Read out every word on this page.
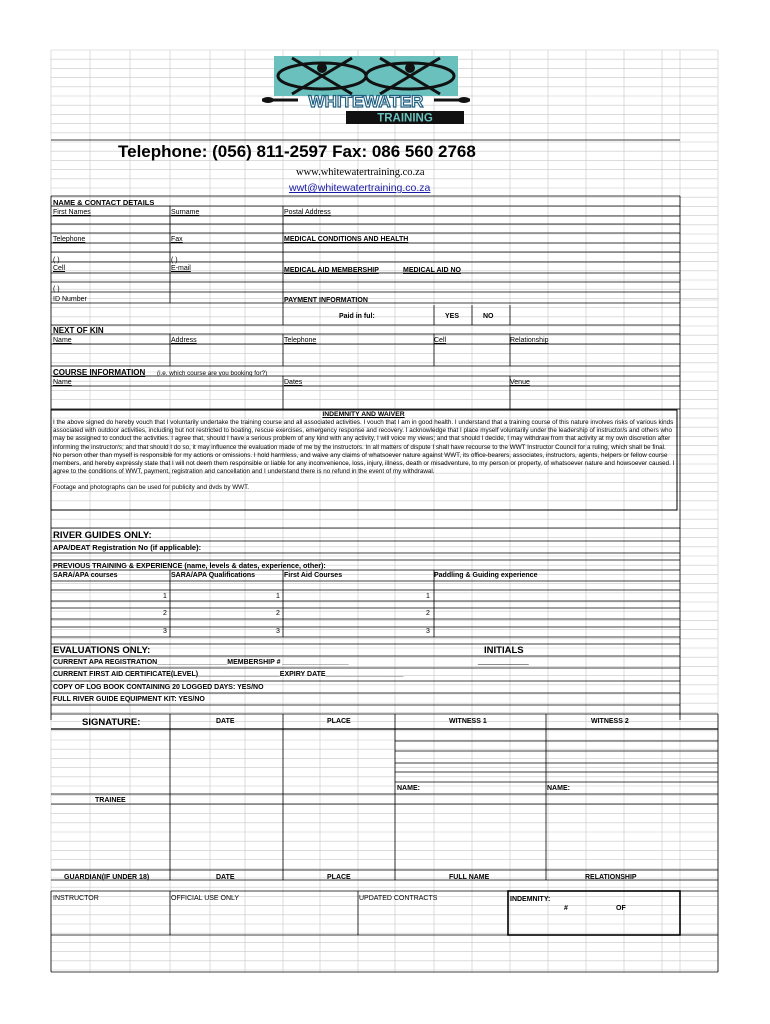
WHITEWATER
TRAINING
Telephone: (056) 811-2597 Fax: 086 560 2768
www.whitewatertraining.co.za
wwt@whitewatertraining.co.za
NAME & CONTACT DETAILS
First Names	Surname	Postal Address
Telephone	Fax	MEDICAL CONDITIONS AND HEALTH
( )	( )
Cell	E-mail	MEDICAL AID MEMBERSHIP	MEDICAL AID NO
( )
ID Number	PAYMENT INFORMATION
Paid in ful:	YES	NO
NEXT OF KIN
Name	Address	Telephone	Cell	Relationship
COURSE INFORMATION (i.e. which course are you booking for?)
Name	Dates	Venue
INDEMNITY AND WAIVER
I the above signed do hereby vouch that I voluntarily undertake the training course and all associated activities. I vouch that I am in good health. I understand that a training course of this nature involves risks of various kinds associated with outdoor activities, including but not restricted to boating, rescue exercises, emergency response and recovery. I acknowledge that I place myself voluntarily under the leadership of instructor/s and others who may be assigned to conduct the activities. I agree that, should I have a serious problem of any kind with any activity, I will voice my views; and that should I decide, I may withdraw from that activity at my own discretion after informing the instructor/s; and that should I do so, it may influence the evaluation made of me by the instructors. In all matters of dispute I shall have recourse to the WWT Instructor Council for a ruling, which shall be final. No person other than myself is responsible for my actions or omissions. I hold harmless, and waive any claims of whatsoever nature against WWT, its office-bearers, associates, instructors, agents, helpers or fellow course members, and hereby expressly state that I will not deem them responsible or liable for any inconvenience, loss, injury, illness, death or misadventure, to my person or property, of whatsoever nature and howsoever caused. I agree to the conditions of WWT, payment, registration and cancellation and I understand there is no refund in the event of my withdrawal.
Footage and photographs can be used for publicity and dvds by WWT.
RIVER GUIDES ONLY:
APA/DEAT Registration No (if applicable):
PREVIOUS TRAINING & EXPERIENCE (name, levels & dates, experience, other):
SARA/APA courses	SARA/APA Qualifications	First Aid Courses	Paddling & Guiding experience
1	1	1
2	2	2
3	3	3
EVALUATIONS ONLY:	INITIALS
_____________
CURRENT APA REGISTRATION__________________MEMBERSHIP # _________________
CURRENT FIRST AID CERTIFICATE(LEVEL)_____________________EXPIRY DATE____________________
COPY OF LOG BOOK CONTAINING 20 LOGGED DAYS: YES/NO
FULL RIVER GUIDE EQUIPMENT KIT: YES/NO
SIGNATURE:	DATE	PLACE	WITNESS 1	WITNESS 2
NAME:	NAME:
TRAINEE
GUARDIAN(IF UNDER 18)	DATE	PLACE	FULL NAME	RELATIONSHIP
INSTRUCTOR	OFFICIAL USE ONLY	UPDATED CONTRACTS	INDEMNITY:
#	OF
